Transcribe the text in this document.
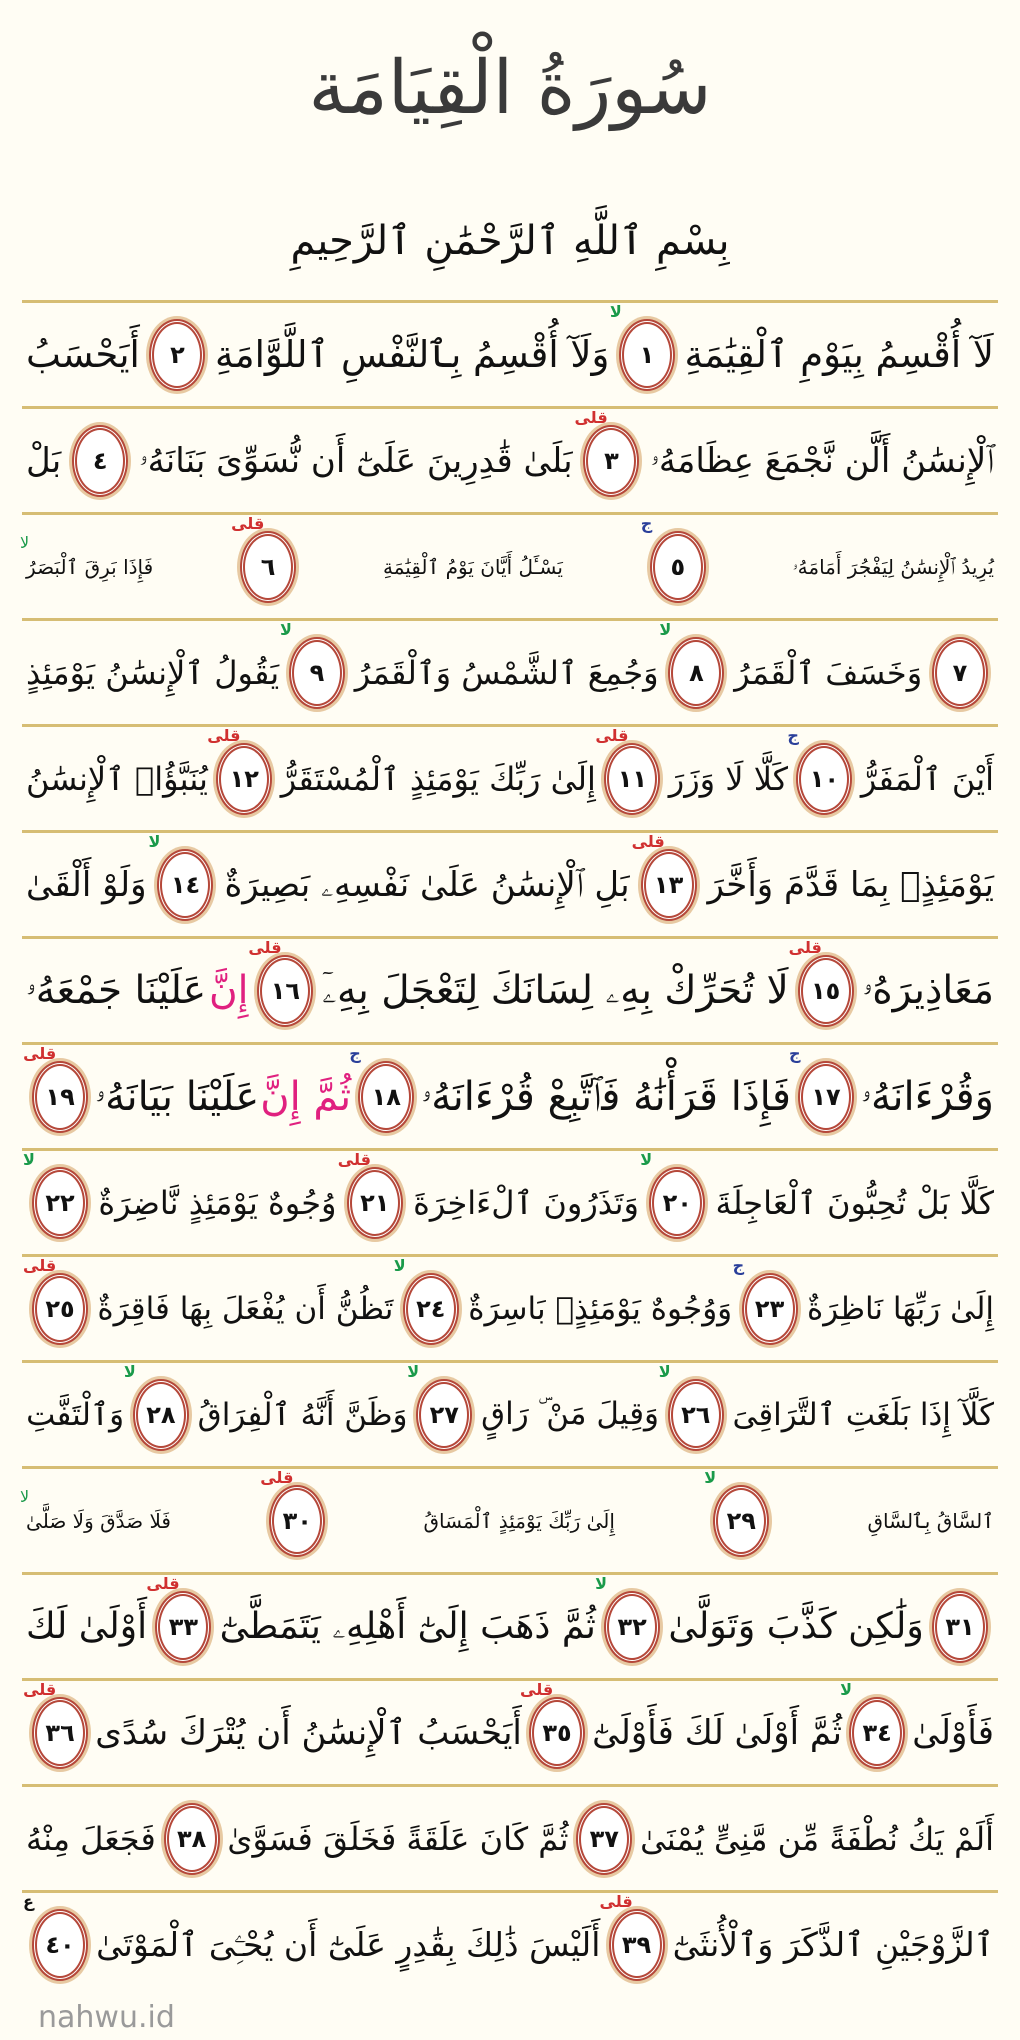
سُورَةُ الْقِيَامَة
بِسْمِ ٱللَّهِ ٱلرَّحْمَٰنِ ٱلرَّحِيمِ
لَآ أُقْسِمُ بِيَوْمِ ٱلْقِيَٰمَةِ
١
لا
وَلَآ أُقْسِمُ بِٱلنَّفْسِ ٱللَّوَّامَةِ
٢
أَيَحْسَبُ
ٱلْإِنسَٰنُ أَلَّن نَّجْمَعَ عِظَامَهُۥ
٣
قلى
بَلَىٰ قَٰدِرِينَ عَلَىٰٓ أَن نُّسَوِّىَ بَنَانَهُۥ
٤
بَلْ
يُرِيدُ ٱلْإِنسَٰنُ لِيَفْجُرَ أَمَامَهُۥ
٥
ج
يَسْـَٔلُ أَيَّانَ يَوْمُ ٱلْقِيَٰمَةِ
٦
قلى
فَإِذَا بَرِقَ ٱلْبَصَرُ
لا
٧
وَخَسَفَ ٱلْقَمَرُ
٨
لا
وَجُمِعَ ٱلشَّمْسُ وَٱلْقَمَرُ
٩
لا
يَقُولُ ٱلْإِنسَٰنُ يَوْمَئِذٍ
أَيْنَ ٱلْمَفَرُّ
١٠
ج
كَلَّا لَا وَزَرَ
١١
قلى
إِلَىٰ رَبِّكَ يَوْمَئِذٍ ٱلْمُسْتَقَرُّ
١٢
قلى
يُنَبَّؤُا۟ ٱلْإِنسَٰنُ
يَوْمَئِذٍۭ بِمَا قَدَّمَ وَأَخَّرَ
١٣
قلى
بَلِ ٱلْإِنسَٰنُ عَلَىٰ نَفْسِهِۦ بَصِيرَةٌ
١٤
لا
وَلَوْ أَلْقَىٰ
مَعَاذِيرَهُۥ
١٥
قلى
لَا تُحَرِّكْ بِهِۦ لِسَانَكَ لِتَعْجَلَ بِهِۦٓ
١٦
قلى
إِنَّ
عَلَيْنَا جَمْعَهُۥ
وَقُرْءَانَهُۥ
١٧
ج
فَإِذَا قَرَأْنَٰهُ فَٱتَّبِعْ قُرْءَانَهُۥ
١٨
ج
ثُمَّ إِنَّ
عَلَيْنَا بَيَانَهُۥ
١٩
قلى
كَلَّا بَلْ تُحِبُّونَ ٱلْعَاجِلَةَ
٢٠
لا
وَتَذَرُونَ ٱلْءَاخِرَةَ
٢١
قلى
وُجُوهٌ يَوْمَئِذٍ نَّاضِرَةٌ
٢٢
لا
إِلَىٰ رَبِّهَا نَاظِرَةٌ
٢٣
ج
وَوُجُوهٌ يَوْمَئِذٍۭ بَاسِرَةٌ
٢٤
لا
تَظُنُّ أَن يُفْعَلَ بِهَا فَاقِرَةٌ
٢٥
قلى
كَلَّآ إِذَا بَلَغَتِ ٱلتَّرَاقِىَ
٢٦
لا
وَقِيلَ مَنْ ۜ رَاقٍ
٢٧
لا
وَظَنَّ أَنَّهُ ٱلْفِرَاقُ
٢٨
لا
وَٱلْتَفَّتِ
ٱلسَّاقُ بِٱلسَّاقِ
٢٩
لا
إِلَىٰ رَبِّكَ يَوْمَئِذٍ ٱلْمَسَاقُ
٣٠
قلى
فَلَا صَدَّقَ وَلَا صَلَّىٰ
لا
٣١
وَلَٰكِن كَذَّبَ وَتَوَلَّىٰ
٣٢
لا
ثُمَّ ذَهَبَ إِلَىٰٓ أَهْلِهِۦ يَتَمَطَّىٰٓ
٣٣
قلى
أَوْلَىٰ لَكَ
فَأَوْلَىٰ
٣٤
لا
ثُمَّ أَوْلَىٰ لَكَ فَأَوْلَىٰٓ
٣٥
قلى
أَيَحْسَبُ ٱلْإِنسَٰنُ أَن يُتْرَكَ سُدًى
٣٦
قلى
أَلَمْ يَكُ نُطْفَةً مِّن مَّنِىٍّ يُمْنَىٰ
٣٧
ثُمَّ كَانَ عَلَقَةً فَخَلَقَ فَسَوَّىٰ
٣٨
فَجَعَلَ مِنْهُ
ٱلزَّوْجَيْنِ ٱلذَّكَرَ وَٱلْأُنثَىٰٓ
٣٩
قلى
أَلَيْسَ ذَٰلِكَ بِقَٰدِرٍ عَلَىٰٓ أَن يُحْـِۧىَ ٱلْمَوْتَىٰ
٤٠
ع
nahwu.id
